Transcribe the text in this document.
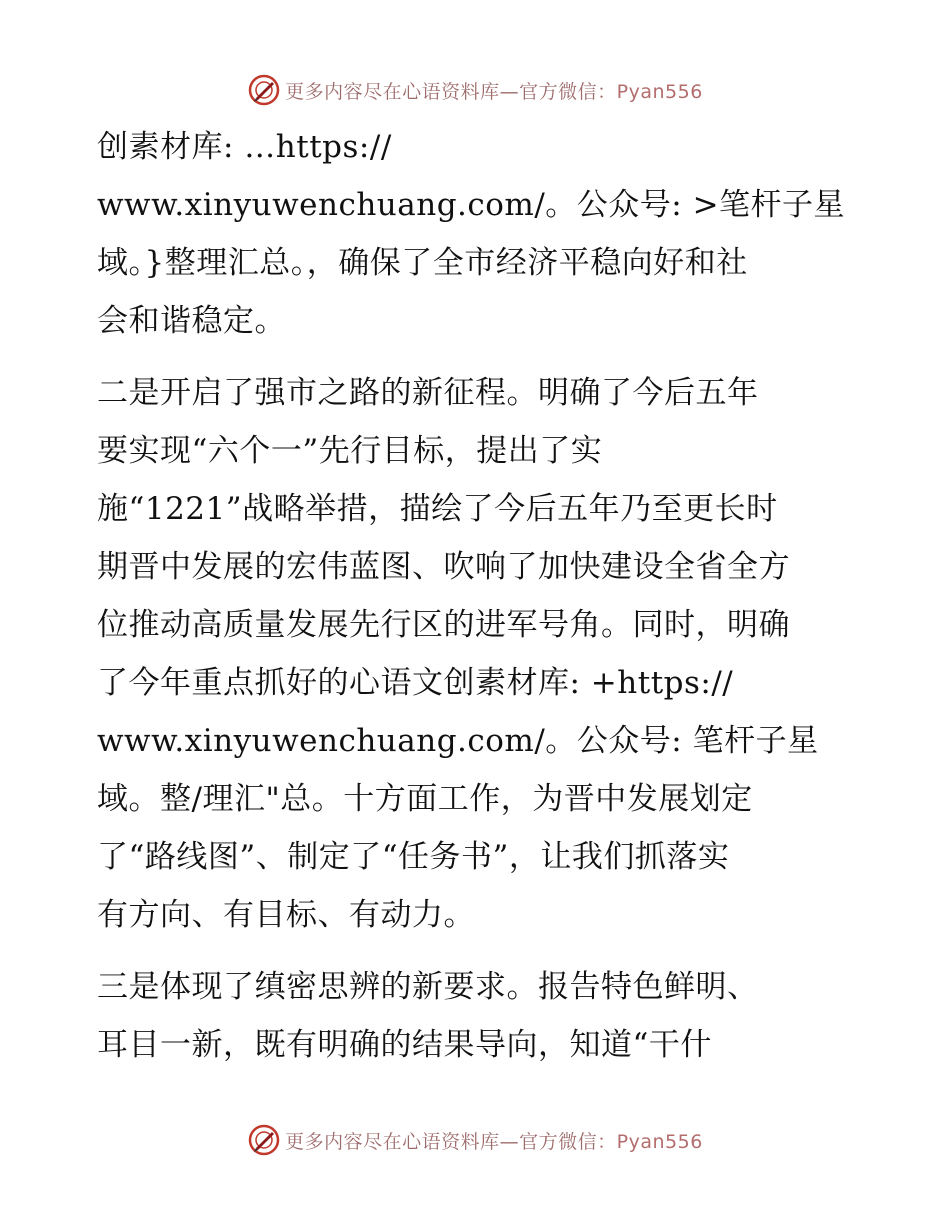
更多内容尽在心语资料库—官方微信：Pyan556
创素材库: …https://
www.xinyuwenchuang.com/。公众号: >笔杆子星
域。}整理汇总。，确保了全市经济平稳向好和社
会和谐稳定。
二是开启了强市之路的新征程。明确了今后五年
要实现“六个一”先行目标，提出了实
施“1221”战略举措，描绘了今后五年乃至更长时
期晋中发展的宏伟蓝图、吹响了加快建设全省全方
位推动高质量发展先行区的进军号角。同时，明确
了今年重点抓好的心语文创素材库: +https://
www.xinyuwenchuang.com/。公众号: 笔杆子星
域。整/理汇"总。十方面工作，为晋中发展划定
了“路线图”、制定了“任务书”，让我们抓落实
有方向、有目标、有动力。
三是体现了缜密思辨的新要求。报告特色鲜明、
耳目一新，既有明确的结果导向，知道“干什
更多内容尽在心语资料库—官方微信：Pyan556
